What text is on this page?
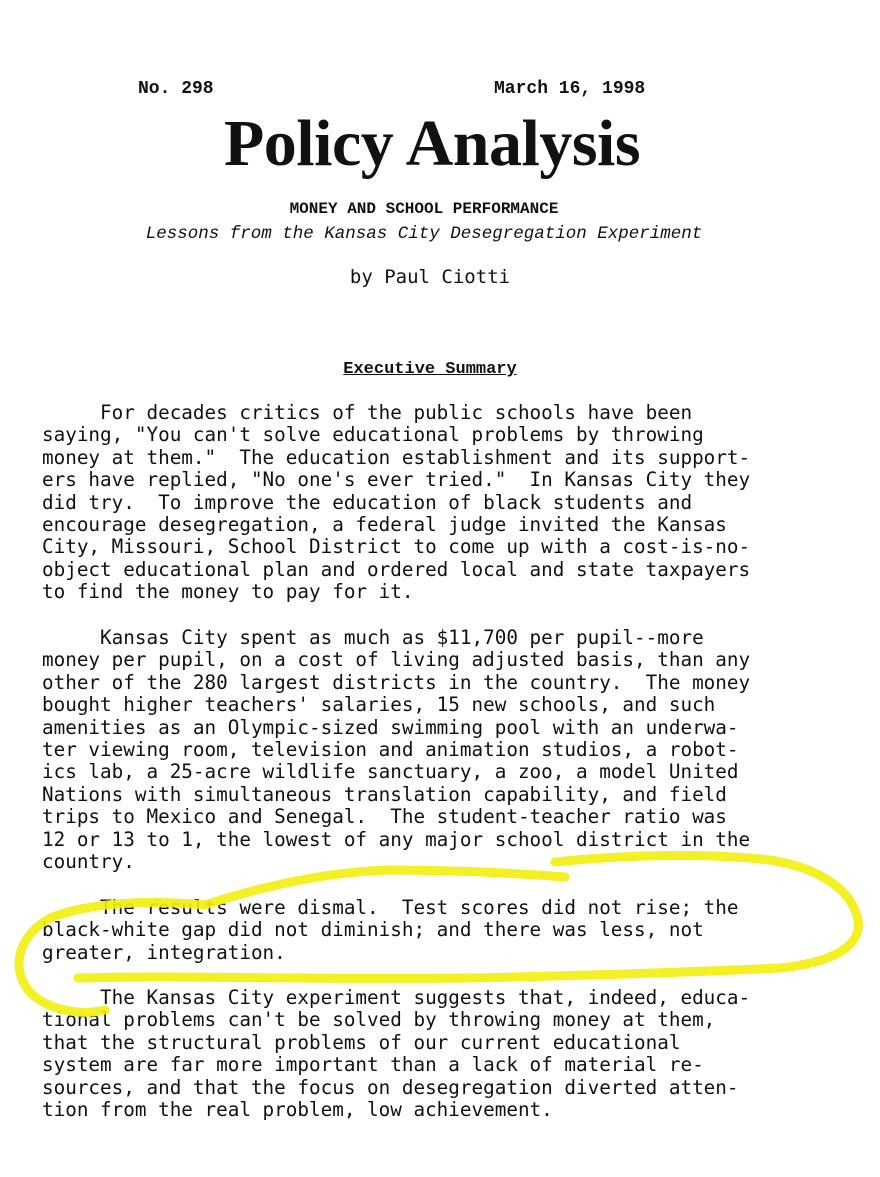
No. 298	March 16, 1998
Policy Analysis
MONEY AND SCHOOL PERFORMANCE
Lessons from the Kansas City Desegregation Experiment
by Paul Ciotti
Executive Summary
For decades critics of the public schools have been
saying, "You can't solve educational problems by throwing
money at them."  The education establishment and its support-
ers have replied, "No one's ever tried."  In Kansas City they
did try.  To improve the education of black students and
encourage desegregation, a federal judge invited the Kansas
City, Missouri, School District to come up with a cost-is-no-
object educational plan and ordered local and state taxpayers
to find the money to pay for it.
Kansas City spent as much as $11,700 per pupil--more
money per pupil, on a cost of living adjusted basis, than any
other of the 280 largest districts in the country.  The money
bought higher teachers' salaries, 15 new schools, and such
amenities as an Olympic-sized swimming pool with an underwa-
ter viewing room, television and animation studios, a robot-
ics lab, a 25-acre wildlife sanctuary, a zoo, a model United
Nations with simultaneous translation capability, and field
trips to Mexico and Senegal.  The student-teacher ratio was
12 or 13 to 1, the lowest of any major school district in the
country.
The results were dismal.  Test scores did not rise; the
black-white gap did not diminish; and there was less, not
greater, integration.
The Kansas City experiment suggests that, indeed, educa-
tional problems can't be solved by throwing money at them,
that the structural problems of our current educational
system are far more important than a lack of material re-
sources, and that the focus on desegregation diverted atten-
tion from the real problem, low achievement.
